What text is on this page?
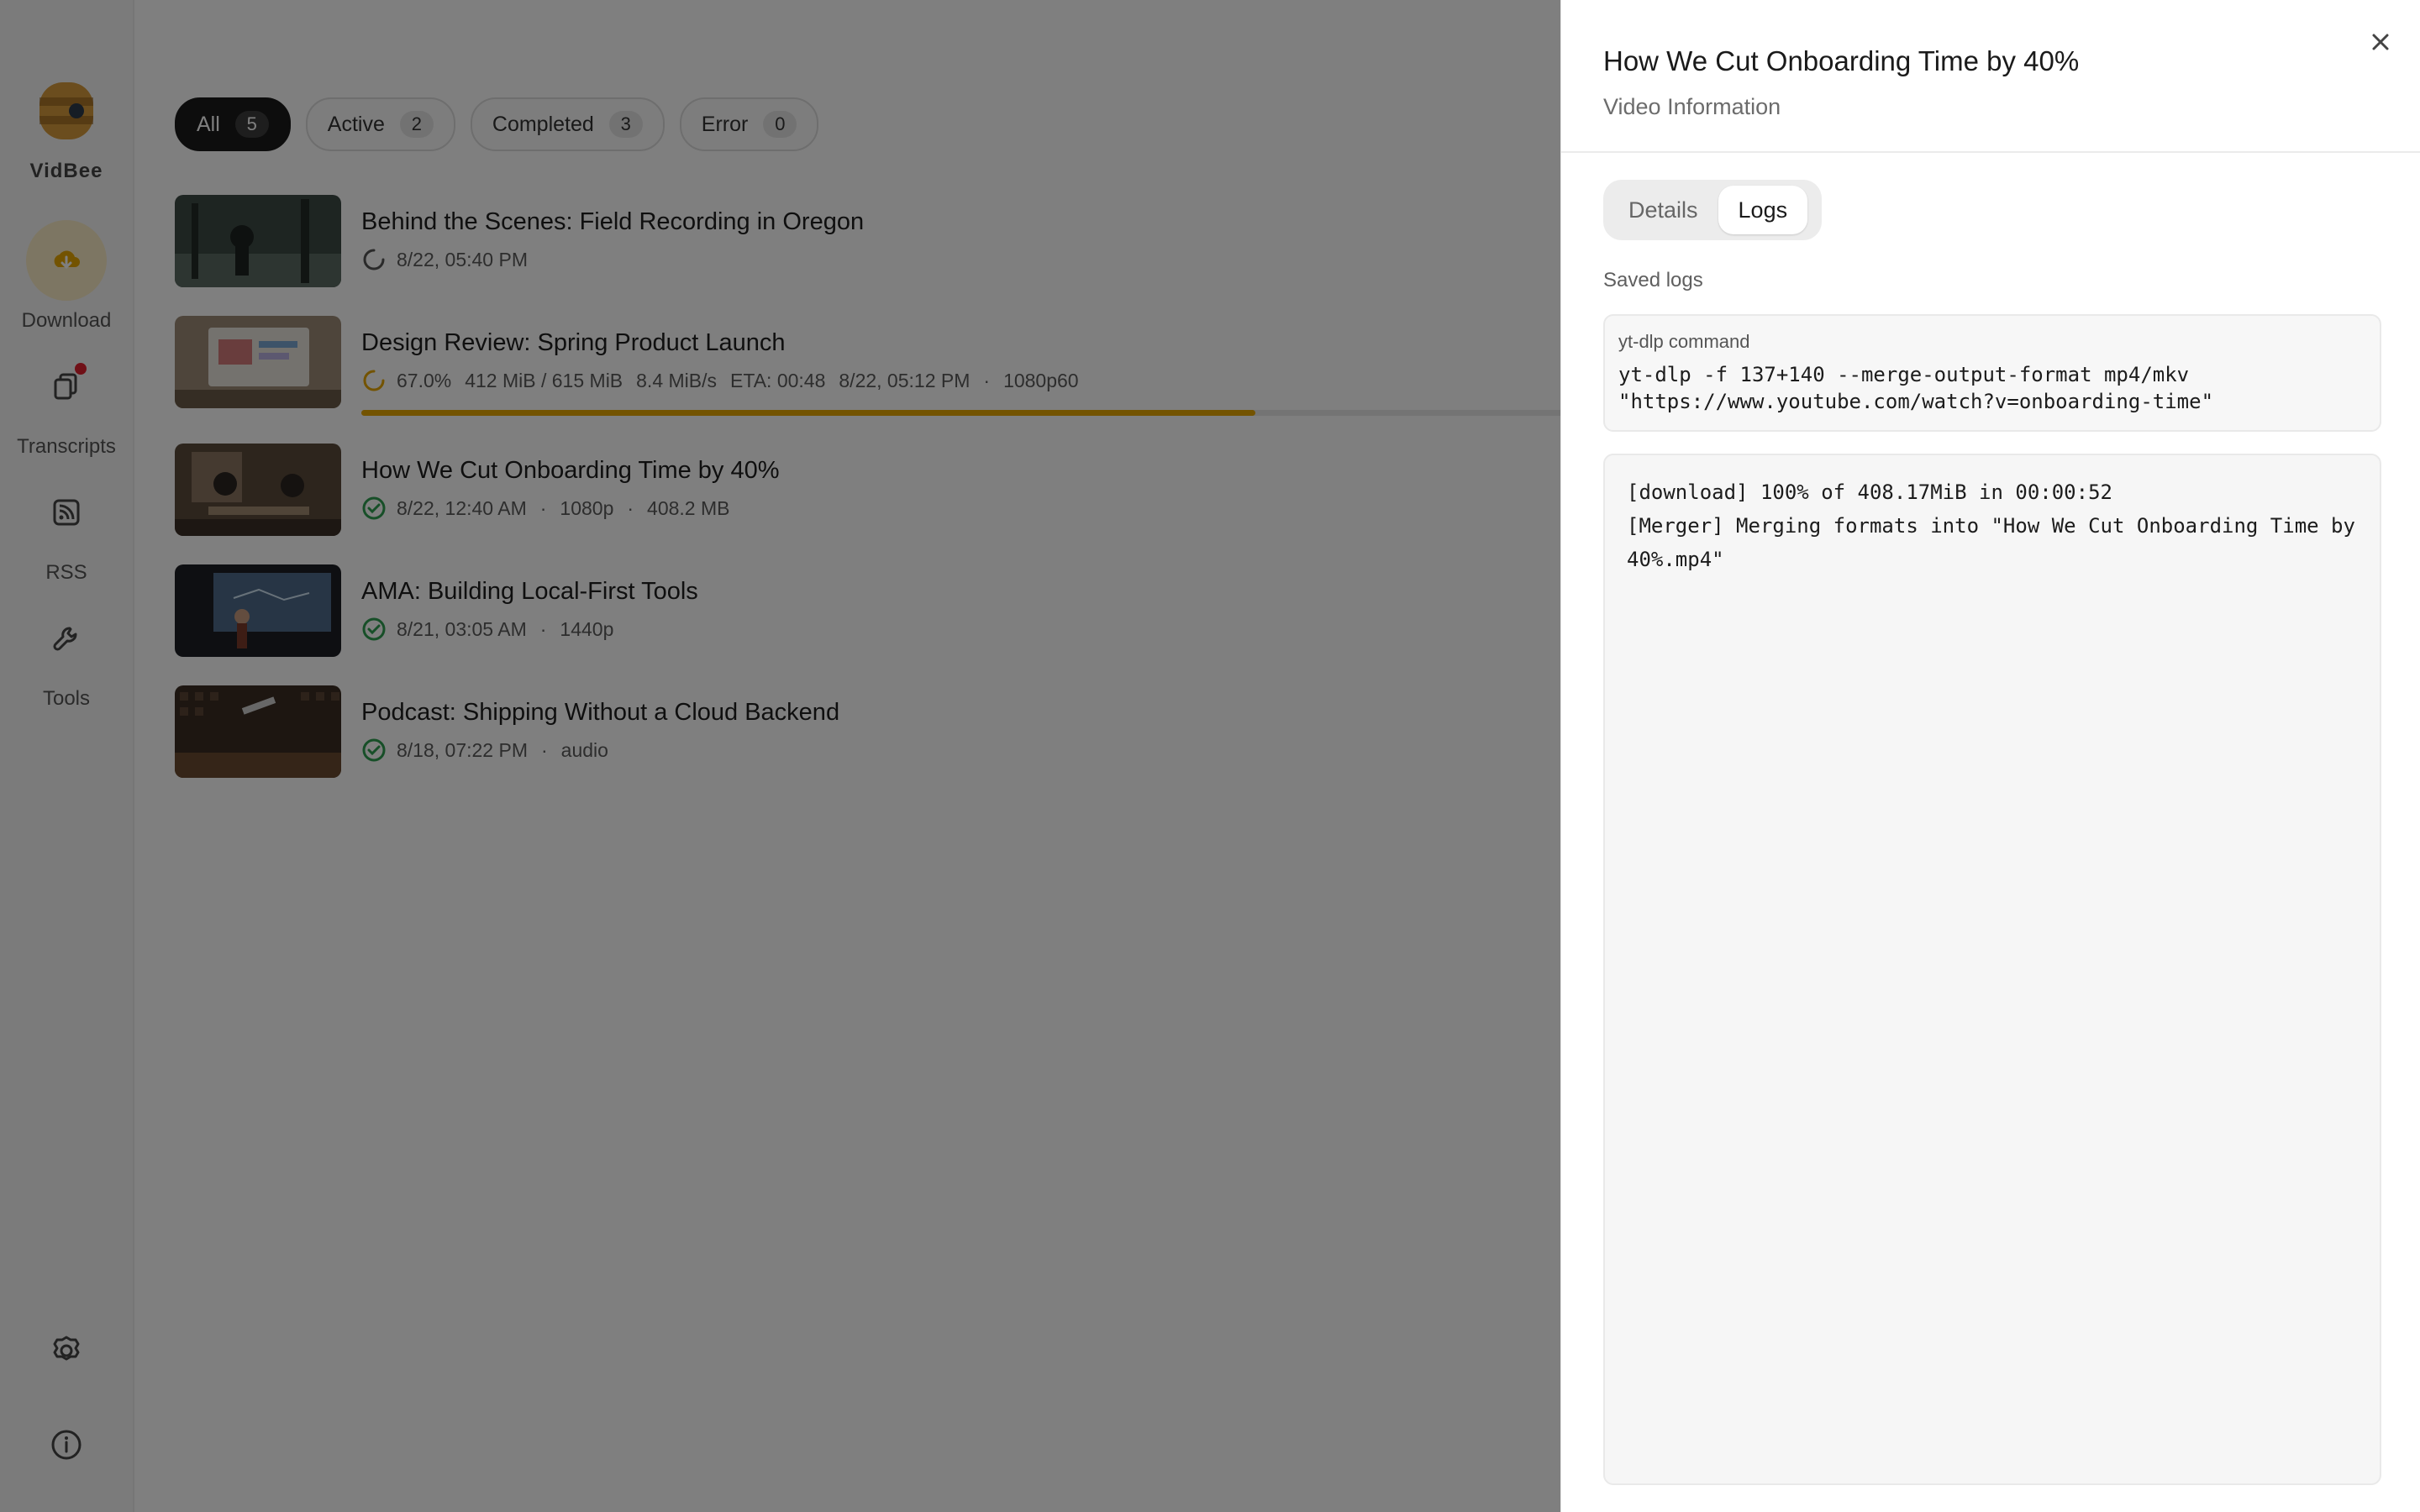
How We Cut Onboarding Time by 40%
Video Information
Details	Logs
Saved logs
yt-dlp command
yt-dlp -f 137+140 --merge-output-format mp4/mkv
"https://www.youtube.com/watch?v=onboarding-time"
[download] 100% of 408.17MiB in 00:00:52
[Merger] Merging formats into "How We Cut Onboarding Time by 40%.mp4"
